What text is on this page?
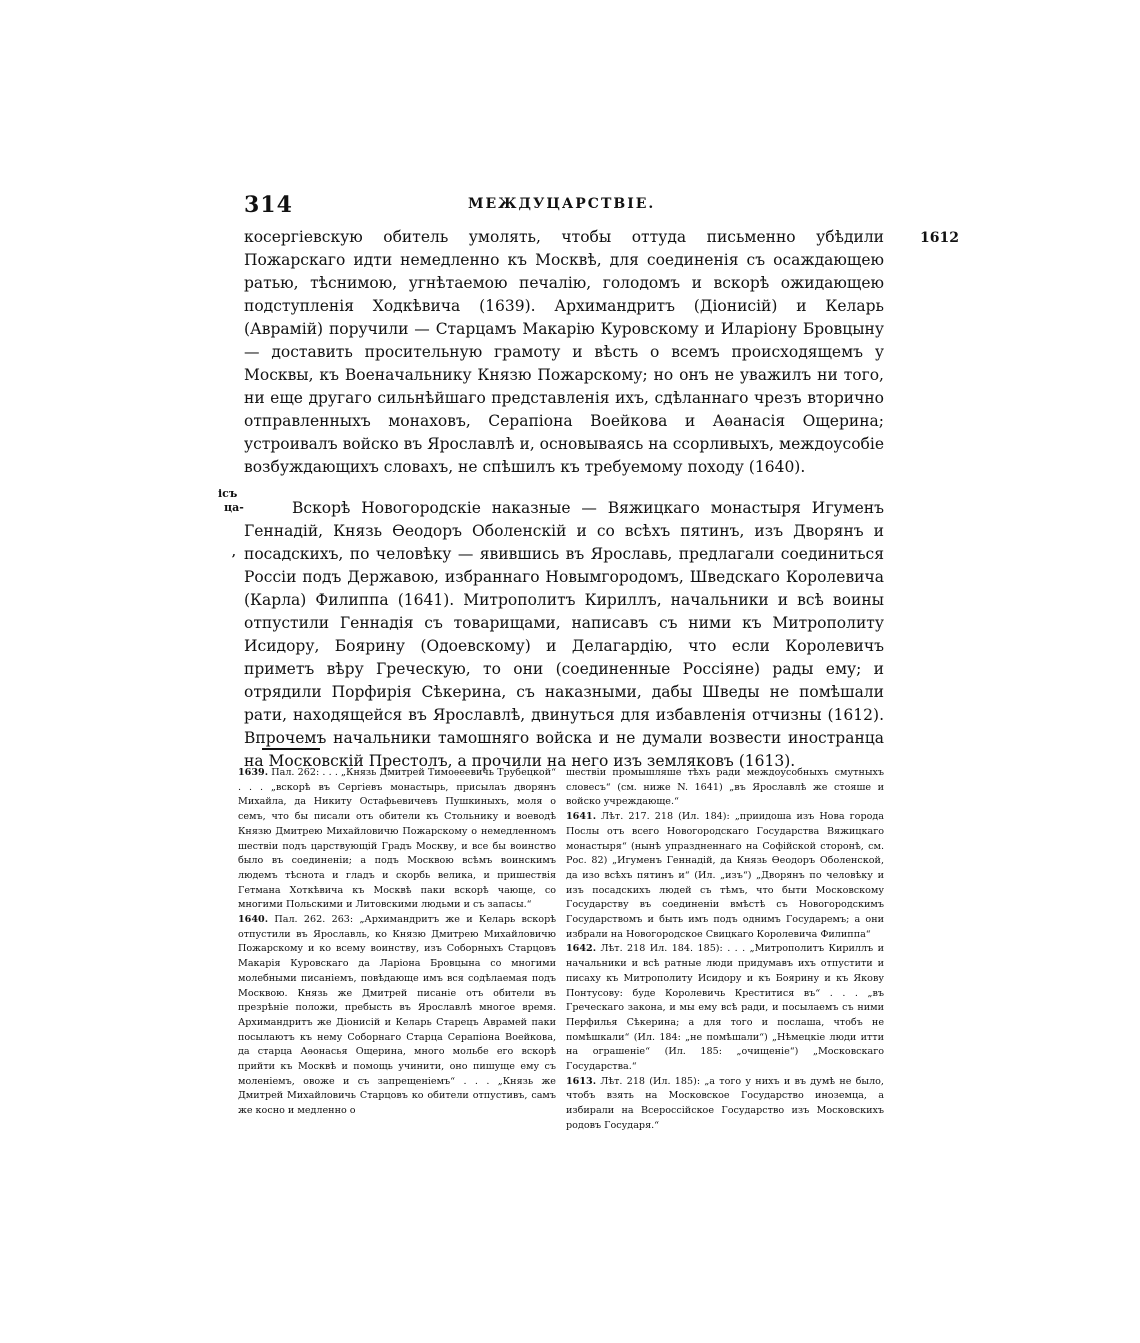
314	МЕЖДУЦАРСТВІЕ.
1612
ісъ
ца-
,

косергіевскую обитель умолять, чтобы оттуда письменно убѣдили Пожарскаго идти немедленно къ Москвѣ, для соединенія съ осаждающею ратью, тѣснимою, угнѣтаемою печалію, голодомъ и вскорѣ ожидающею подступленія Ходкѣвича (1639). Архимандритъ (Діонисій) и Келарь (Аврамій) поручили — Старцамъ Макарію Куровскому и Иларіону Бровцыну — доставить просительную грамоту и вѣсть о всемъ происходящемъ у Москвы, къ Военачальнику Князю Пожарскому; но онъ не уважилъ ни того, ни еще другаго сильнѣйшаго представленія ихъ, сдѣланнаго чрезъ вторично отправленныхъ монаховъ, Серапіона Воейкова и Аѳанасія Ощерина; устроивалъ войско въ Ярославлѣ и, основываясь на ссорливыхъ, междоусобіе возбуждающихъ словахъ, не спѣшилъ къ требуемому походу (1640).

Вскорѣ Новогородскіе наказные — Вяжицкаго монастыря Игуменъ Геннадій, Князь Ѳеодоръ Оболенскій и со всѣхъ пятинъ, изъ Дворянъ и посадскихъ, по человѣку — явившись въ Ярославь, предлагали соединиться Россіи подъ Державою, избраннаго Новымгородомъ, Шведскаго Королевича (Карла) Филиппа (1641). Митрополитъ Кириллъ, начальники и всѣ воины отпустили Геннадія съ товарищами, написавъ съ ними къ Митрополиту Исидору, Боярину (Одоевскому) и Делагардію, что если Королевичъ приметъ вѣру Греческую, то они (соединенные Россіяне) рады ему; и отрядили Порфирія Сѣкерина, съ наказными, дабы Шведы не помѣшали рати, находящейся въ Ярославлѣ, двинуться для избавленія отчизны (1612). Впрочемъ начальники тамошняго войска и не думали возвести иностранца на Московскій Престолъ, а прочили на него изъ земляковъ (1613).

1639. Пал. 262: . . . „Князь Дмитрей Тимоѳеевичь Трубецкой“ . . . „вскорѣ въ Сергіевъ монастырь, присылаъ дворянъ Михайла, да Никиту Остафьевичевъ Пушкиныхъ, моля о семъ, что бы писали отъ обители къ Стольнику и воеводѣ Князю Дмитрею Михайловичю Пожарскому о немедленномъ шествіи подъ царствующій Градъ Москву, и все бы воинство было въ соединеніи; а подъ Москвою всѣмъ воинскимъ людемъ тѣснота и гладъ и скорбь велика, и пришествія Гетмана Хоткѣвича къ Москвѣ паки вскорѣ чающе, со многими Польскими и Литовскими людьми и съ запасы.“

1640. Пал. 262. 263: „Архимандритъ же и Келарь вскорѣ отпустили въ Ярославль, ко Князю Дмитрею Михайловичю Пожарскому и ко всему воинству, изъ Соборныхъ Старцовъ Макарія Куровскаго да Ларіона Бровцына со многими молебными писаніемъ, повѣдающе имъ вся содѣлаемая подъ Москвою. Князь же Дмитрей писаніе отъ обители въ презрѣніе положи, пребысть въ Ярославлѣ многое время. Архимандритъ же Діонисій и Келарь Старецъ Аврамей паки посылаютъ къ нему Соборнаго Старца Серапіона Воейкова, да старца Аѳонасья Ощерина, много мольбе его вскорѣ прийти къ Москвѣ и помощь учинити, оно пишуще ему съ моленіемъ, овоже и съ запрещеніемъ“ . . . „Князь же Дмитрей Михайловичь Старцовъ ко обители отпустивъ, самъ же косно и медленно о

шествіи промышляше тѣхъ ради междоусобныхъ смутныхъ словесъ“ (см. ниже N. 1641) „въ Ярославлѣ же стояше и войско учреждающе.“

1641. Лѣт. 217. 218 (Ил. 184): „приидоша изъ Нова города Послы отъ всего Новогородскаго Государства Вяжицкаго монастыря“ (нынѣ упраздненнаго на Софійской сторонѣ, см. Рос. 82) „Игуменъ Геннадій, да Князь Ѳеодоръ Оболенской, да изо всѣхъ пятинъ и“ (Ил. „изъ“) „Дворянъ по человѣку и изъ посадскихъ людей съ тѣмъ, что быти Московскому Государству въ соединеніи вмѣстѣ съ Новогородскимъ Государствомъ и быть имъ подъ однимъ Государемъ; а они избрали на Новогородское Свицкаго Королевича Филиппа“

1642. Лѣт. 218 Ил. 184. 185): . . . „Митрополитъ Кириллъ и начальники и всѣ ратные люди придумавъ ихъ отпустити и писаху къ Митрополиту Исидору и къ Боярину и къ Якову Понтусову: буде Королевичь Креститися въ“ . . . „въ Греческаго закона, и мы ему всѣ ради, и посылаемъ съ ними Перфилья Сѣкерина; а для того и послаша, чтобъ не помѣшкали“ (Ил. 184: „не помѣшали“) „Нѣмецкіе люди итти на ограшеніе“ (Ил. 185: „очищеніе“) „Московскаго Государства.“

1613. Лѣт. 218 (Ил. 185): „а того у нихъ и въ думѣ не было, чтобъ взять на Московское Государство иноземца, а избирали на Всероссійское Государство изъ Московскихъ родовъ Государя.“
